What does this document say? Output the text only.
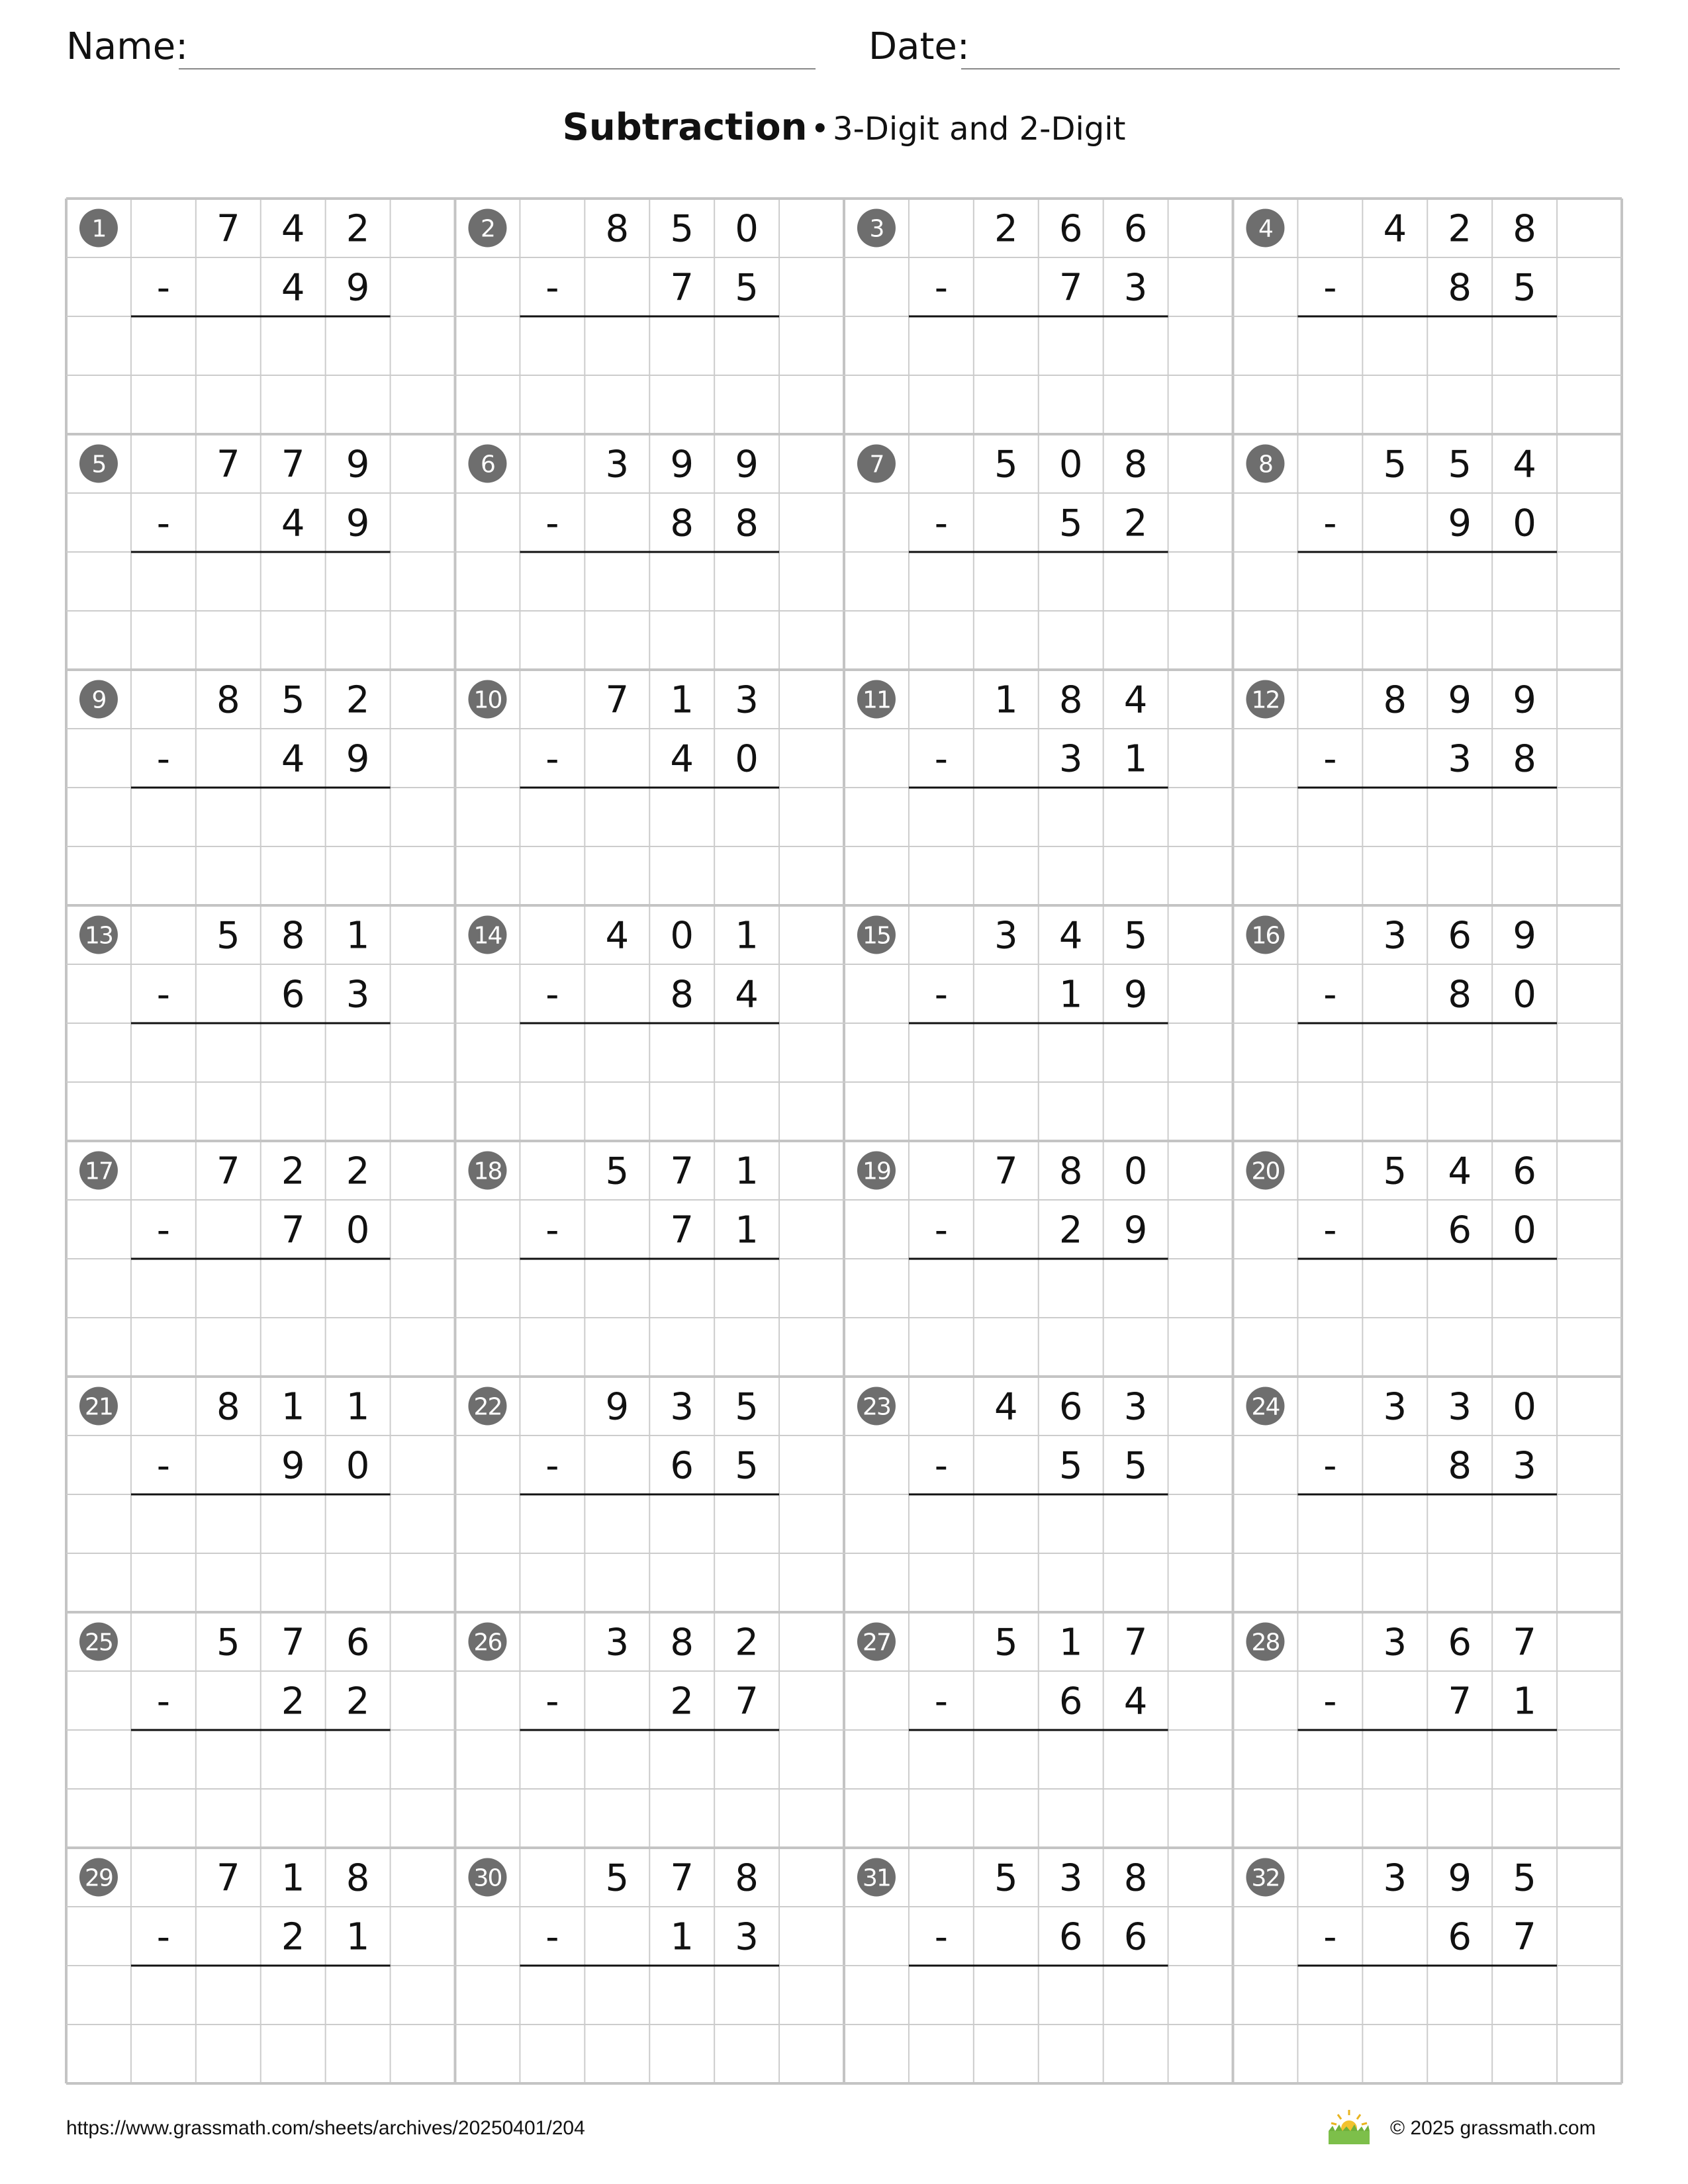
Name:	Date:
Subtraction • 3-Digit and 2-Digit
1	7 4 2
-	4 9
2	8 5 0
-	7 5
3	2 6 6
-	7 3
4	4 2 8
-	8 5
5	7 7 9
-	4 9
6	3 9 9
-	8 8
7	5 0 8
-	5 2
8	5 5 4
-	9 0
9	8 5 2
-	4 9
10	7 1 3
-	4 0
11	1 8 4
-	3 1
12	8 9 9
-	3 8
13	5 8 1
-	6 3
14	4 0 1
-	8 4
15	3 4 5
-	1 9
16	3 6 9
-	8 0
17	7 2 2
-	7 0
18	5 7 1
-	7 1
19	7 8 0
-	2 9
20	5 4 6
-	6 0
21	8 1 1
-	9 0
22	9 3 5
-	6 5
23	4 6 3
-	5 5
24	3 3 0
-	8 3
25	5 7 6
-	2 2
26	3 8 2
-	2 7
27	5 1 7
-	6 4
28	3 6 7
-	7 1
29	7 1 8
-	2 1
30	5 7 8
-	1 3
31	5 3 8
-	6 6
32	3 9 5
-	6 7
https://www.grassmath.com/sheets/archives/20250401/204	© 2025 grassmath.com
